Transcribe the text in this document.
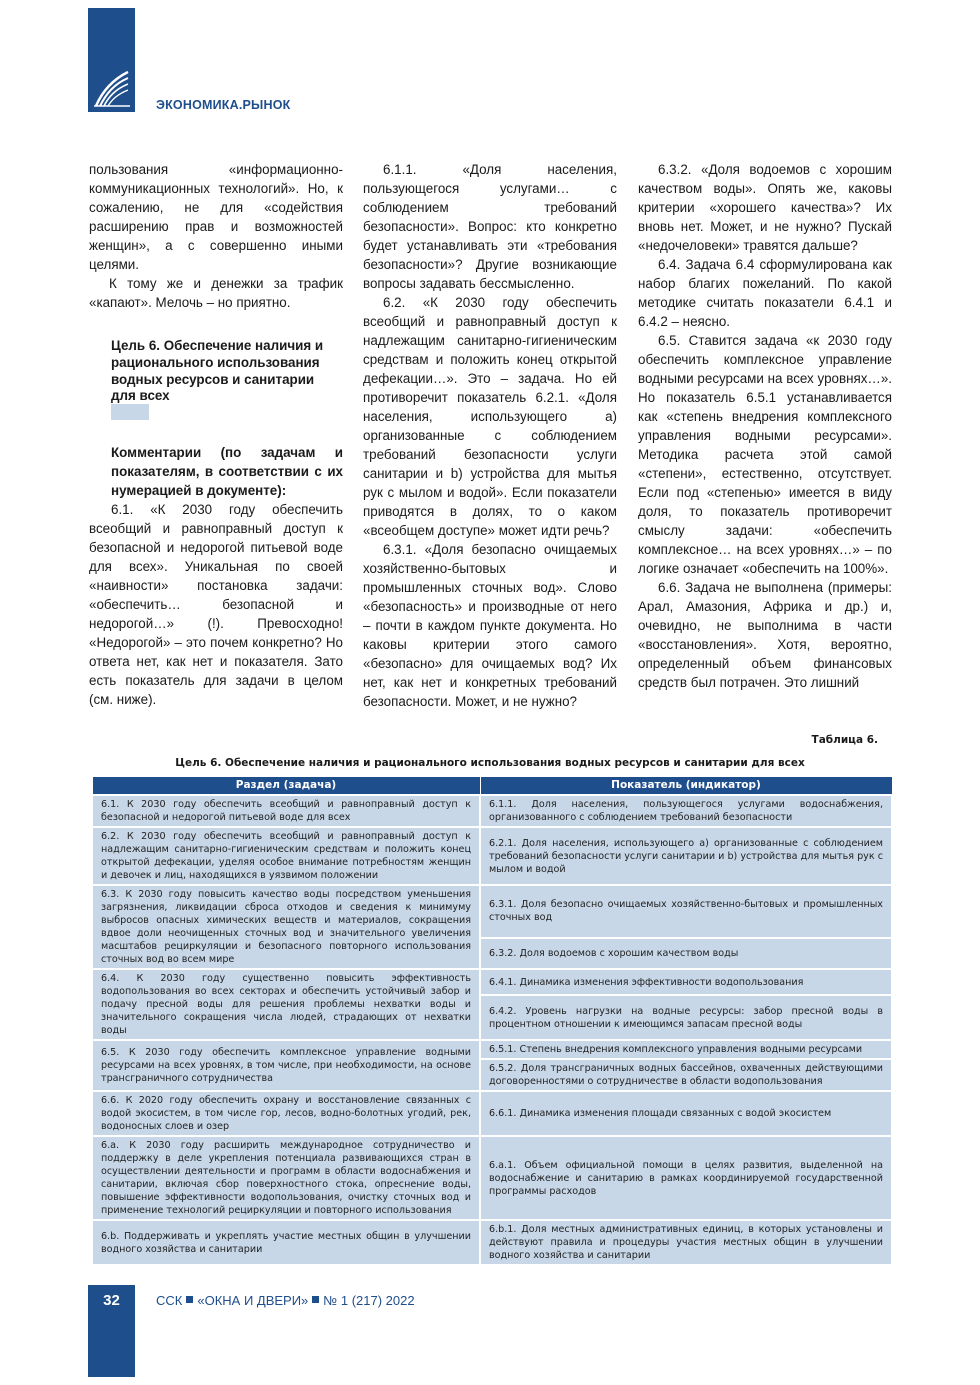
ЭКОНОМИКА.РЫНОК

пользования «информационно-коммуникационных технологий». Но, к сожалению, не для «содействия расширению прав и возможностей женщин», а с совершенно иными целями.

К тому же и денежки за трафик «капают». Мелочь – но приятно.

Цель 6. Обеспечение наличия и рационального использования водных ресурсов и санитарии для всех

Комментарии (по задачам и показателям, в соответствии с их нумерацией в документе):

6.1. «К 2030 году обеспечить всеобщий и равноправный доступ к безопасной и недорогой питьевой воде для всех». Уникальная по своей «наивности» постановка задачи: «обеспечить… безопасной и недорогой…» (!). Превосходно! «Недорогой» – это почем конкретно? Но ответа нет, как нет и показателя. Зато есть показатель для задачи в целом (см. ниже).

6.1.1. «Доля населения, пользующегося услугами… с соблюдением требований безопасности». Вопрос: кто конкретно будет устанавливать эти «требования безопасности»? Другие возникающие вопросы задавать бессмысленно.

6.2. «К 2030 году обеспечить всеобщий и равноправный доступ к надлежащим санитарно-гигиеническим средствам и положить конец открытой дефекации…». Это – задача. Но ей противоречит показатель 6.2.1. «Доля населения, использующего a) организованные с соблюдением требований безопасности услуги санитарии и b) устройства для мытья рук с мылом и водой». Если показатели приводятся в долях, то о каком «всеобщем доступе» может идти речь?

6.3.1. «Доля безопасно очищаемых хозяйственно-бытовых и промышленных сточных вод». Слово «безопасность» и производные от него – почти в каждом пункте документа. Но каковы критерии этого самого «безопасно» для очищаемых вод? Их нет, как нет и конкретных требований безопасности. Может, и не нужно?

6.3.2. «Доля водоемов с хорошим качеством воды». Опять же, каковы критерии «хорошего качества»? Их вновь нет. Может, и не нужно? Пускай «недочеловеки» травятся дальше?

6.4. Задача 6.4 сформулирована как набор благих пожеланий. По какой методике считать показатели 6.4.1 и 6.4.2 – неясно.

6.5. Ставится задача «к 2030 году обеспечить комплексное управление водными ресурсами на всех уровнях…». Но показатель 6.5.1 устанавливается как «степень внедрения комплексного управления водными ресурсами». Методика расчета этой самой «степени», естественно, отсутствует. Если под «степенью» имеется в виду доля, то показатель противоречит смыслу задачи: «обеспечить комплексное… на всех уровнях…» – по логике означает «обеспечить на 100%».

6.6. Задача не выполнена (примеры: Арал, Амазония, Африка и др.) и, очевидно, не выполнима в части «восстановления». Хотя, вероятно, определенный объем финансовых средств был потрачен. Это лишний

Таблица 6.
Цель 6. Обеспечение наличия и рационального использования водных ресурсов и санитарии для всех
Раздел (задача)	Показатель (индикатор)
6.1. К 2030 году обеспечить всеобщий и равноправный доступ к безопасной и недорогой питьевой воде для всех	6.1.1. Доля населения, пользующегося услугами водоснабжения, организованного с соблюдением требований безопасности
6.2. К 2030 году обеспечить всеобщий и равноправный доступ к надлежащим санитарно-гигиеническим средствам и положить конец открытой дефекации, уделяя особое внимание потребностям женщин и девочек и лиц, находящихся в уязвимом положении	6.2.1. Доля населения, использующего a) организованные с соблюдением требований безопасности услуги санитарии и b) устройства для мытья рук с мылом и водой
6.3. К 2030 году повысить качество воды посредством уменьшения загрязнения, ликвидации сброса отходов и сведения к минимуму выбросов опасных химических веществ и материалов, сокращения вдвое доли неочищенных сточных вод и значительного увеличения масштабов рециркуляции и безопасного повторного использования сточных вод во всем мире	6.3.1. Доля безопасно очищаемых хозяйственно-бытовых и промышленных сточных вод
	6.3.2. Доля водоемов с хорошим качеством воды
6.4. К 2030 году существенно повысить эффективность водопользования во всех секторах и обеспечить устойчивый забор и подачу пресной воды для решения проблемы нехватки воды и значительного сокращения числа людей, страдающих от нехватки воды	6.4.1. Динамика изменения эффективности водопользования
	6.4.2. Уровень нагрузки на водные ресурсы: забор пресной воды в процентном отношении к имеющимся запасам пресной воды
6.5. К 2030 году обеспечить комплексное управление водными ресурсами на всех уровнях, в том числе, при необходимости, на основе трансграничного сотрудничества	6.5.1. Степень внедрения комплексного управления водными ресурсами
	6.5.2. Доля трансграничных водных бассейнов, охваченных действующими договоренностями о сотрудничестве в области водопользования
6.6. К 2020 году обеспечить охрану и восстановление связанных с водой экосистем, в том числе гор, лесов, водно-болотных угодий, рек, водоносных слоев и озер	6.6.1. Динамика изменения площади связанных с водой экосистем
6.a. К 2030 году расширить международное сотрудничество и поддержку в деле укрепления потенциала развивающихся стран в осуществлении деятельности и программ в области водоснабжения и санитарии, включая сбор поверхностного стока, опреснение воды, повышение эффективности водопользования, очистку сточных вод и применение технологий рециркуляции и повторного использования	6.a.1. Объем официальной помощи в целях развития, выделенной на водоснабжение и санитарию в рамках координируемой государственной программы расходов
6.b. Поддерживать и укреплять участие местных общин в улучшении водного хозяйства и санитарии	6.b.1. Доля местных административных единиц, в которых установлены и действуют правила и процедуры участия местных общин в улучшении водного хозяйства и санитарии
32	ССК «ОКНА И ДВЕРИ» № 1 (217) 2022
